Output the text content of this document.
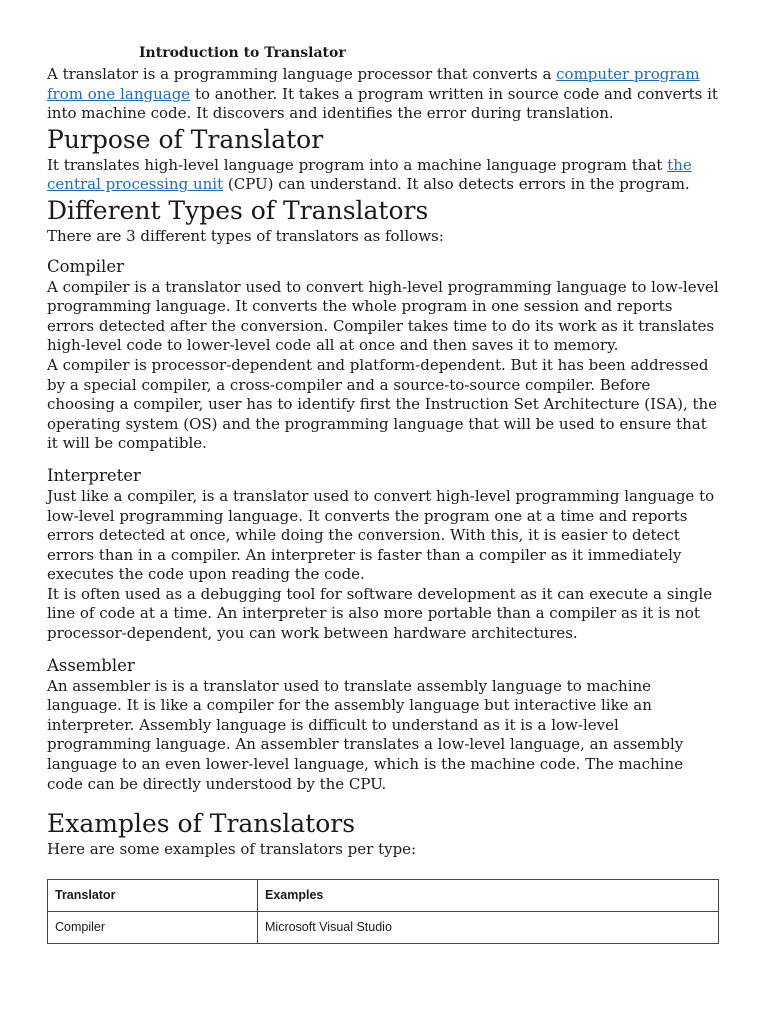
Introduction to Translator

A translator is a programming language processor that converts a computer program from one language to another. It takes a program written in source code and converts it into machine code. It discovers and identifies the error during translation.

Purpose of Translator

It translates high-level language program into a machine language program that the central processing unit (CPU) can understand. It also detects errors in the program.

Different Types of Translators

There are 3 different types of translators as follows:

Compiler

A compiler is a translator used to convert high-level programming language to low-level programming language. It converts the whole program in one session and reports errors detected after the conversion. Compiler takes time to do its work as it translates high-level code to lower-level code all at once and then saves it to memory.

A compiler is processor-dependent and platform-dependent. But it has been addressed by a special compiler, a cross-compiler and a source-to-source compiler. Before choosing a compiler, user has to identify first the Instruction Set Architecture (ISA), the operating system (OS) and the programming language that will be used to ensure that it will be compatible.

Interpreter

Just like a compiler, is a translator used to convert high-level programming language to low-level programming language. It converts the program one at a time and reports errors detected at once, while doing the conversion. With this, it is easier to detect errors than in a compiler. An interpreter is faster than a compiler as it immediately executes the code upon reading the code.

It is often used as a debugging tool for software development as it can execute a single line of code at a time. An interpreter is also more portable than a compiler as it is not processor-dependent, you can work between hardware architectures.

Assembler

An assembler is is a translator used to translate assembly language to machine language. It is like a compiler for the assembly language but interactive like an interpreter. Assembly language is difficult to understand as it is a low-level programming language. An assembler translates a low-level language, an assembly language to an even lower-level language, which is the machine code. The machine code can be directly understood by the CPU.

Examples of Translators

Here are some examples of translators per type:

Translator	Examples
Compiler	Microsoft Visual Studio
